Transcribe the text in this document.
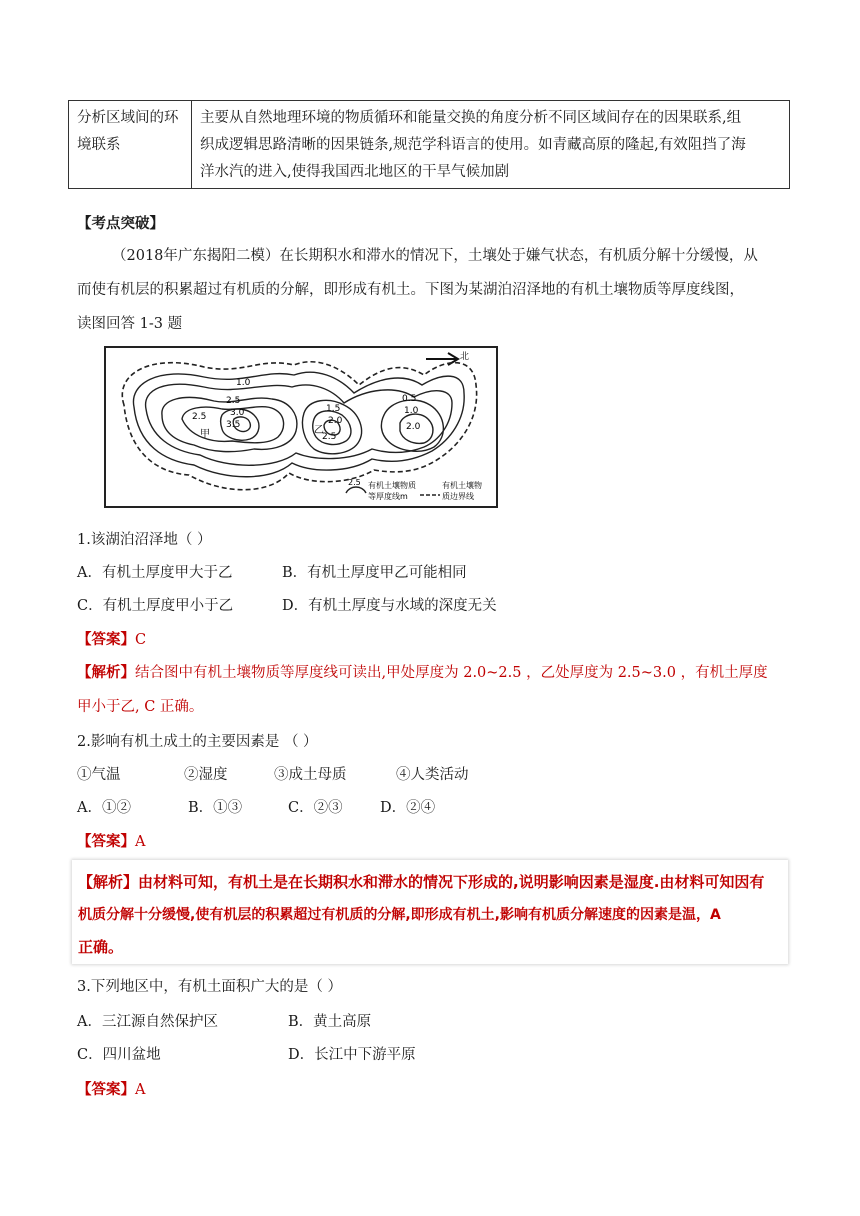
分析区域间的环
境联系

主要从自然地理环境的物质循环和能量交换的角度分析不同区域间存在的因果联系,组
织成逻辑思路清晰的因果链条,规范学科语言的使用。如青藏高原的隆起,有效阻挡了海
洋水汽的进入,使得我国西北地区的干旱气候加剧
【考点突破】
（2018年广东揭阳二模）在长期积水和滞水的情况下，土壤处于嫌气状态，有机质分解十分缓慢，从
而使有机层的积累超过有机质的分解，即形成有机土。下图为某湖泊沼泽地的有机土壤物质等厚度线图，
读图回答 1-3 题
北
1.0
2.5
3.0
3.5
2.5
甲
1.5
2.0
2.5
乙
0.5
1.0
2.0
2.5 有机土壤物质
等厚度线m
有机土壤物
质边界线
1.该湖泊沼泽地（ ）
A．有机土厚度甲大于乙	B．有机土厚度甲乙可能相同
C．有机土厚度甲小于乙	D．有机土厚度与水域的深度无关
【答案】C
【解析】结合图中有机土壤物质等厚度线可读出,甲处厚度为 2.0~2.5 ，乙处厚度为 2.5~3.0 ，有机土厚度
甲小于乙, C 正确。
2.影响有机土成土的主要因素是 （ ）
①气温	②湿度	③成土母质	④人类活动
A．①②	B．①③	C．②③	D．②④
【答案】A
【解析】由材料可知，有机土是在长期积水和滞水的情况下形成的,说明影响因素是湿度.由材料可知因有
机质分解十分缓慢,使有机层的积累超过有机质的分解,即形成有机土,影响有机质分解速度的因素是温，A
正确。
3.下列地区中，有机土面积广大的是（ ）
A．三江源自然保护区	B．黄土高原
C．四川盆地	D．长江中下游平原
【答案】A
